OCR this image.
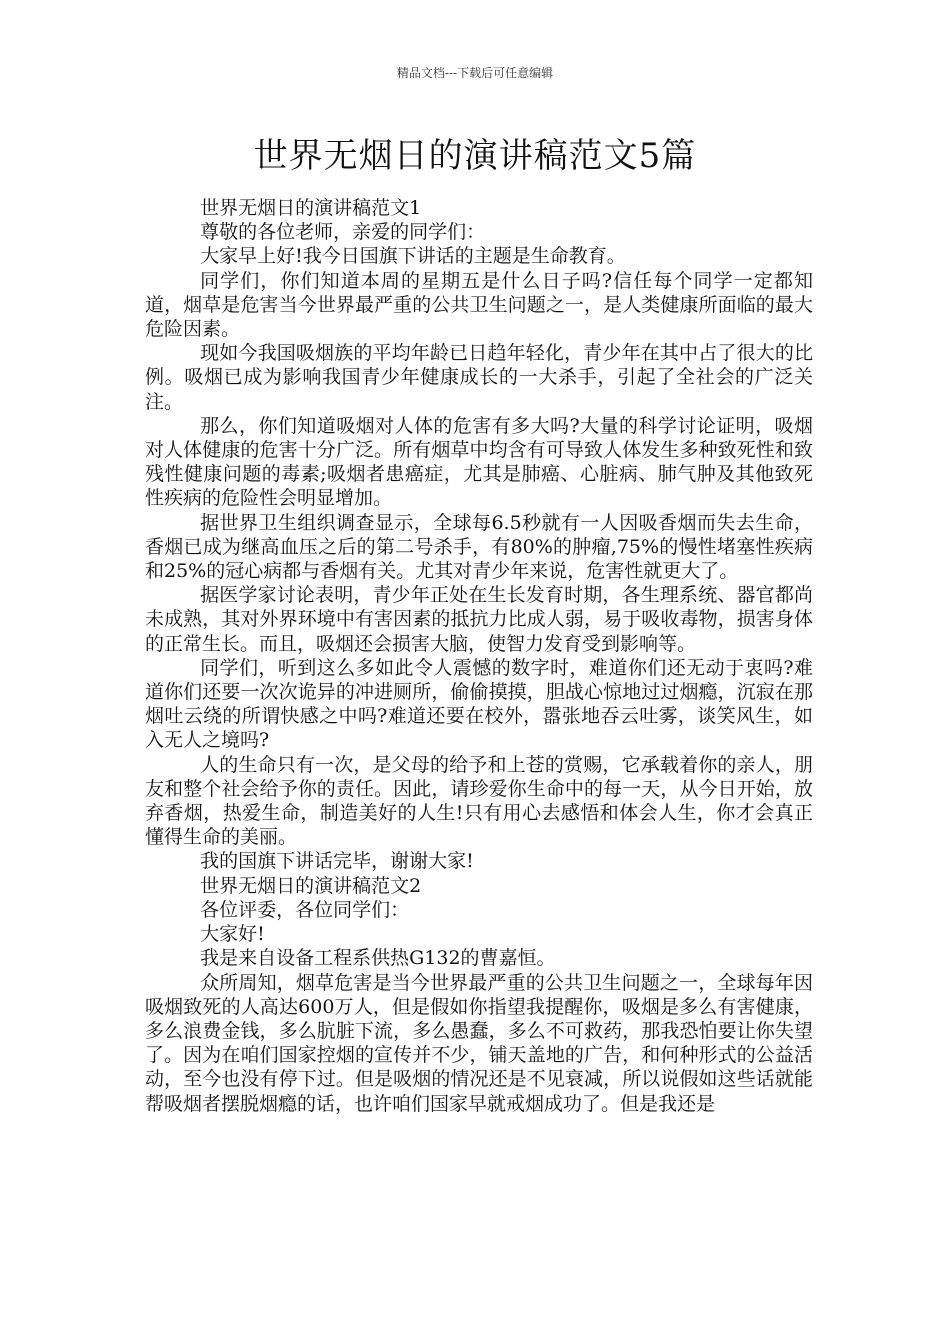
精品文档---下载后可任意编辑
世界无烟日的演讲稿范文5篇

世界无烟日的演讲稿范文1

尊敬的各位老师，亲爱的同学们：

大家早上好!我今日国旗下讲话的主题是生命教育。

同学们，你们知道本周的星期五是什么日子吗?信任每个同学一定都知道，烟草是危害当今世界最严重的公共卫生问题之一，是人类健康所面临的最大危险因素。

现如今我国吸烟族的平均年龄已日趋年轻化，青少年在其中占了很大的比例。吸烟已成为影响我国青少年健康成长的一大杀手，引起了全社会的广泛关注。

那么，你们知道吸烟对人体的危害有多大吗?大量的科学讨论证明，吸烟对人体健康的危害十分广泛。所有烟草中均含有可导致人体发生多种致死性和致残性健康问题的毒素;吸烟者患癌症，尤其是肺癌、心脏病、肺气肿及其他致死性疾病的危险性会明显增加。

据世界卫生组织调查显示，全球每6.5秒就有一人因吸香烟而失去生命，香烟已成为继高血压之后的第二号杀手，有80%的肿瘤,75%的慢性堵塞性疾病和25%的冠心病都与香烟有关。尤其对青少年来说，危害性就更大了。

据医学家讨论表明，青少年正处在生长发育时期，各生理系统、器官都尚未成熟，其对外界环境中有害因素的抵抗力比成人弱，易于吸收毒物，损害身体的正常生长。而且，吸烟还会损害大脑，使智力发育受到影响等。

同学们，听到这么多如此令人震憾的数字时，难道你们还无动于衷吗?难道你们还要一次次诡异的冲进厕所，偷偷摸摸，胆战心惊地过过烟瘾，沉寂在那烟吐云绕的所谓快感之中吗?难道还要在校外，嚣张地吞云吐雾，谈笑风生，如入无人之境吗?

人的生命只有一次，是父母的给予和上苍的赏赐，它承载着你的亲人，朋友和整个社会给予你的责任。因此，请珍爱你生命中的每一天，从今日开始，放弃香烟，热爱生命，制造美好的人生!只有用心去感悟和体会人生，你才会真正懂得生命的美丽。

我的国旗下讲话完毕，谢谢大家!

世界无烟日的演讲稿范文2

各位评委，各位同学们：

大家好!

我是来自设备工程系供热G132的曹嘉恒。

众所周知，烟草危害是当今世界最严重的公共卫生问题之一，全球每年因吸烟致死的人高达600万人，但是假如你指望我提醒你，吸烟是多么有害健康，多么浪费金钱，多么肮脏下流，多么愚蠢，多么不可救药，那我恐怕要让你失望了。因为在咱们国家控烟的宣传并不少，铺天盖地的广告，和何种形式的公益活动，至今也没有停下过。但是吸烟的情况还是不见衰减，所以说假如这些话就能帮吸烟者摆脱烟瘾的话，也许咱们国家早就戒烟成功了。但是我还是
